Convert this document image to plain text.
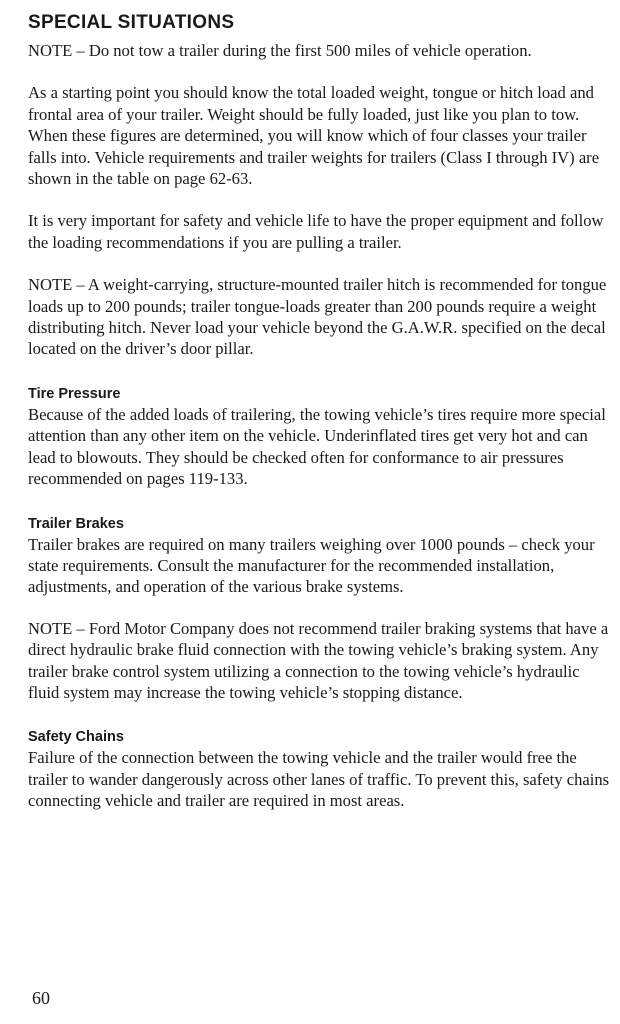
SPECIAL SITUATIONS

NOTE – Do not tow a trailer during the first 500 miles of vehicle operation.

As a starting point you should know the total loaded weight, tongue or hitch load and frontal area of your trailer. Weight should be fully loaded, just like you plan to tow. When these figures are determined, you will know which of four classes your trailer falls into. Vehicle requirements and trailer weights for trailers (Class I through IV) are shown in the table on page 62-63.

It is very important for safety and vehicle life to have the proper equipment and follow the loading recommendations if you are pulling a trailer.

NOTE – A weight-carrying, structure-mounted trailer hitch is recommended for tongue loads up to 200 pounds; trailer tongue-loads greater than 200 pounds require a weight distributing hitch. Never load your vehicle beyond the G.A.W.R. specified on the decal located on the driver’s door pillar.

Tire Pressure

Because of the added loads of trailering, the towing vehicle’s tires require more special attention than any other item on the vehicle. Underinflated tires get very hot and can lead to blowouts. They should be checked often for conformance to air pressures recommended on pages 119-133.

Trailer Brakes

Trailer brakes are required on many trailers weighing over 1000 pounds – check your state requirements. Consult the manufacturer for the recommended installation, adjustments, and operation of the various brake systems.

NOTE – Ford Motor Company does not recommend trailer braking systems that have a direct hydraulic brake fluid connection with the towing vehicle’s braking system. Any trailer brake control system utilizing a connection to the towing vehicle’s hydraulic fluid system may increase the towing vehicle’s stopping distance.

Safety Chains

Failure of the connection between the towing vehicle and the trailer would free the trailer to wander dangerously across other lanes of traffic. To prevent this, safety chains connecting vehicle and trailer are required in most areas.

60
